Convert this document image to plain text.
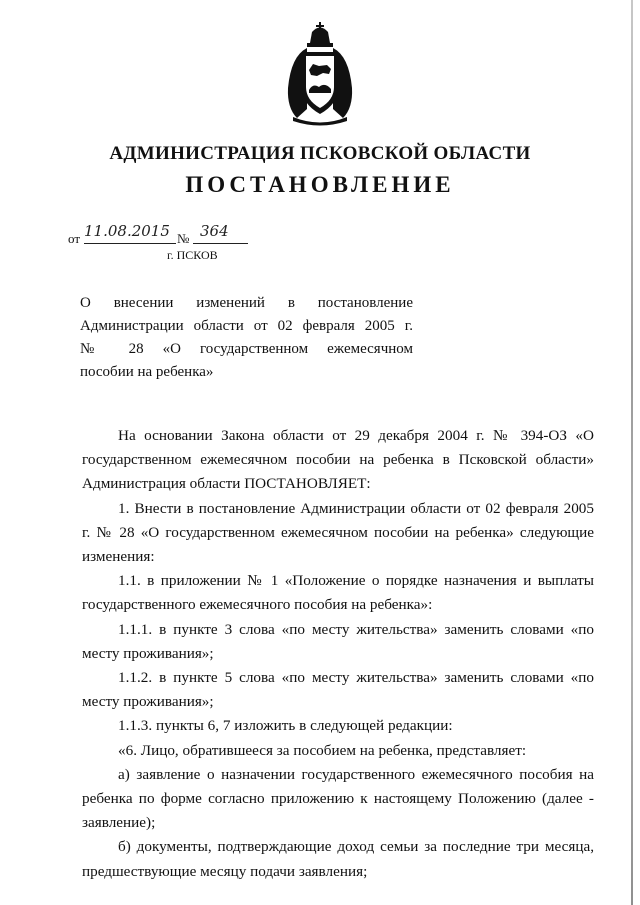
АДМИНИСТРАЦИЯ ПСКОВСКОЙ ОБЛАСТИ
ПОСТАНОВЛЕНИЕ
от 11.08.2015 № 364
г. ПСКОВ
О внесении изменений в постановление
Администрации области от 02 февраля 2005 г.
№ 28 «О государственном ежемесячном
пособии на ребенка»

На основании Закона области от 29 декабря 2004 г. № 394-ОЗ «О государственном ежемесячном пособии на ребенка в Псковской области» Администрация области ПОСТАНОВЛЯЕТ:

1. Внести в постановление Администрации области от 02 февраля 2005 г. № 28 «О государственном ежемесячном пособии на ребенка» следующие изменения:

1.1. в приложении № 1 «Положение о порядке назначения и выплаты государственного ежемесячного пособия на ребенка»:

1.1.1. в пункте 3 слова «по месту жительства» заменить словами «по месту проживания»;

1.1.2. в пункте 5 слова «по месту жительства» заменить словами «по месту проживания»;

1.1.3. пункты 6, 7 изложить в следующей редакции:

«6. Лицо, обратившееся за пособием на ребенка, представляет:

а) заявление о назначении государственного ежемесячного пособия на ребенка по форме согласно приложению к настоящему Положению (далее - заявление);

б) документы, подтверждающие доход семьи за последние три месяца, предшествующие месяцу подачи заявления;
